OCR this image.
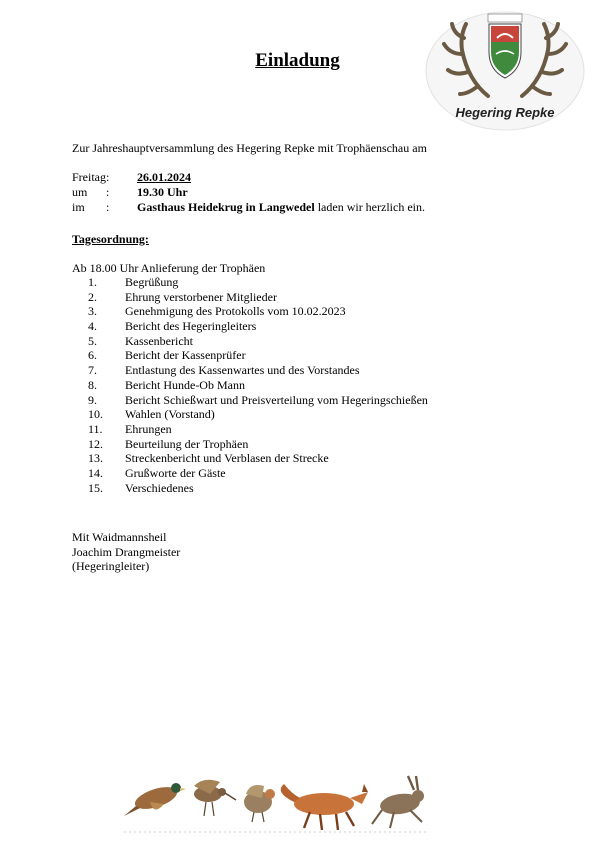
Einladung
Hegering Repke
Zur Jahreshauptversammlung des Hegering Repke mit Trophäenschau am
Freitag: 26.01.2024
um : 19.30 Uhr
im : Gasthaus Heidekrug in Langwedel laden wir herzlich ein.
Tagesordnung:
Ab 18.00 Uhr Anlieferung der Trophäen
1. Begrüßung
2. Ehrung verstorbener Mitglieder
3. Genehmigung des Protokolls vom 10.02.2023
4. Bericht des Hegeringleiters
5. Kassenbericht
6. Bericht der Kassenprüfer
7. Entlastung des Kassenwartes und des Vorstandes
8. Bericht Hunde-Ob Mann
9. Bericht Schießwart und Preisverteilung vom Hegeringschießen
10. Wahlen (Vorstand)
11. Ehrungen
12. Beurteilung der Trophäen
13. Streckenbericht und Verblasen der Strecke
14. Grußworte der Gäste
15. Verschiedenes
Mit Waidmannsheil
Joachim Drangmeister
(Hegeringleiter)
